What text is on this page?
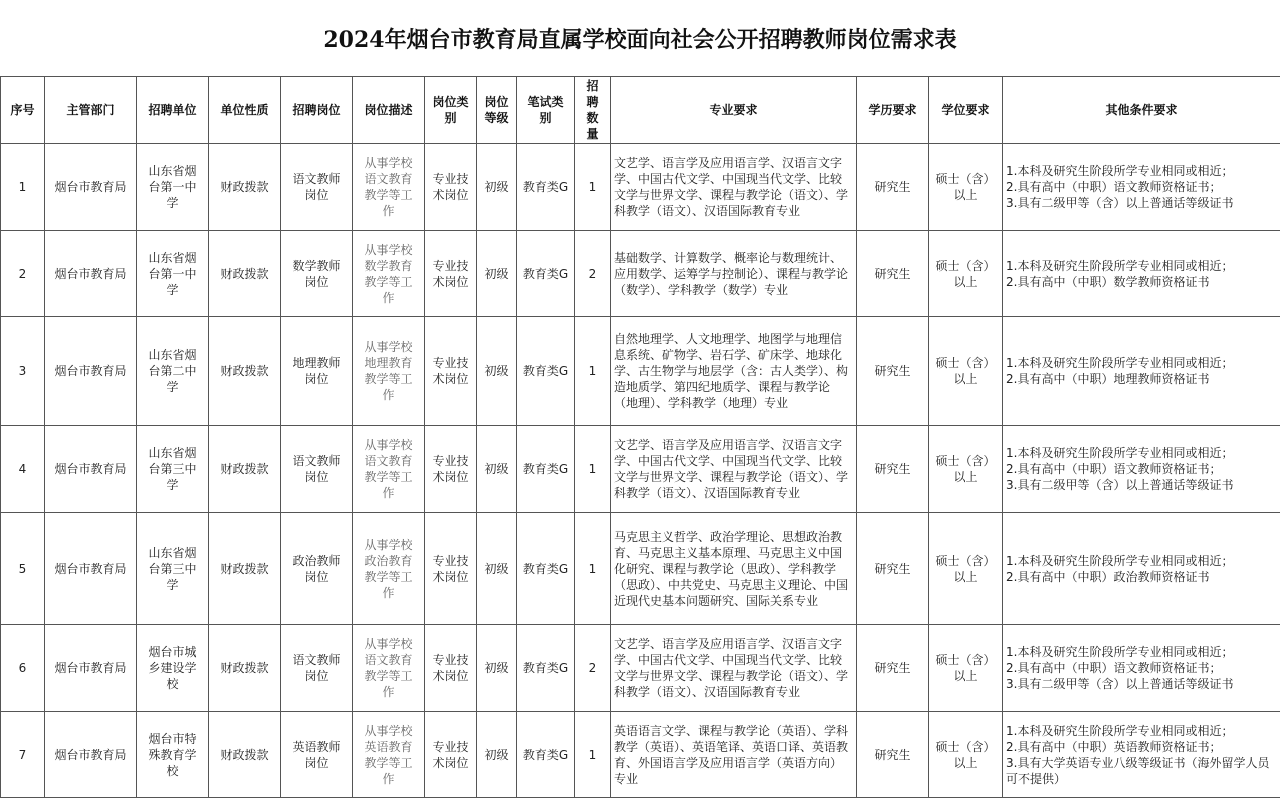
2024年烟台市教育局直属学校面向社会公开招聘教师岗位需求表
序号	主管部门	招聘单位	单位性质	招聘岗位	岗位描述	岗位类别	岗位等级	笔试类别	招聘数量	专业要求	学历要求	学位要求	其他条件要求
1	烟台市教育局	山东省烟台第一中学	财政拨款	语文教师岗位	从事学校语文教育教学等工作	专业技术岗位	初级	教育类G	1	文艺学、语言学及应用语言学、汉语言文字学、中国古代文学、中国现当代文学、比较文学与世界文学、课程与教学论（语文）、学科教学（语文）、汉语国际教育专业	研究生	硕士（含）以上	1.本科及研究生阶段所学专业相同或相近；
2.具有高中（中职）语文教师资格证书；
3.具有二级甲等（含）以上普通话等级证书

2	烟台市教育局	山东省烟台第一中学	财政拨款	数学教师岗位	从事学校数学教育教学等工作	专业技术岗位	初级	教育类G	2	基础数学、计算数学、概率论与数理统计、应用数学、运筹学与控制论）、课程与教学论（数学）、学科教学（数学）专业	研究生	硕士（含）以上	1.本科及研究生阶段所学专业相同或相近；
2.具有高中（中职）数学教师资格证书

3	烟台市教育局	山东省烟台第二中学	财政拨款	地理教师岗位	从事学校地理教育教学等工作	专业技术岗位	初级	教育类G	1	自然地理学、人文地理学、地图学与地理信息系统、矿物学、岩石学、矿床学、地球化学、古生物学与地层学（含：古人类学）、构造地质学、第四纪地质学、课程与教学论（地理）、学科教学（地理）专业	研究生	硕士（含）以上	1.本科及研究生阶段所学专业相同或相近；
2.具有高中（中职）地理教师资格证书

4	烟台市教育局	山东省烟台第三中学	财政拨款	语文教师岗位	从事学校语文教育教学等工作	专业技术岗位	初级	教育类G	1	文艺学、语言学及应用语言学、汉语言文字学、中国古代文学、中国现当代文学、比较文学与世界文学、课程与教学论（语文）、学科教学（语文）、汉语国际教育专业	研究生	硕士（含）以上	1.本科及研究生阶段所学专业相同或相近；
2.具有高中（中职）语文教师资格证书；
3.具有二级甲等（含）以上普通话等级证书

5	烟台市教育局	山东省烟台第三中学	财政拨款	政治教师岗位	从事学校政治教育教学等工作	专业技术岗位	初级	教育类G	1	马克思主义哲学、政治学理论、思想政治教育、马克思主义基本原理、马克思主义中国化研究、课程与教学论（思政）、学科教学（思政）、中共党史、马克思主义理论、中国近现代史基本问题研究、国际关系专业	研究生	硕士（含）以上	1.本科及研究生阶段所学专业相同或相近；
2.具有高中（中职）政治教师资格证书

6	烟台市教育局	烟台市城乡建设学校	财政拨款	语文教师岗位	从事学校语文教育教学等工作	专业技术岗位	初级	教育类G	2	文艺学、语言学及应用语言学、汉语言文字学、中国古代文学、中国现当代文学、比较文学与世界文学、课程与教学论（语文）、学科教学（语文）、汉语国际教育专业	研究生	硕士（含）以上	1.本科及研究生阶段所学专业相同或相近；
2.具有高中（中职）语文教师资格证书；
3.具有二级甲等（含）以上普通话等级证书

7	烟台市教育局	烟台市特殊教育学校	财政拨款	英语教师岗位	从事学校英语教育教学等工作	专业技术岗位	初级	教育类G	1	英语语言文学、课程与教学论（英语）、学科教学（英语）、英语笔译、英语口译、英语教育、外国语言学及应用语言学（英语方向）专业	研究生	硕士（含）以上	1.本科及研究生阶段所学专业相同或相近；
2.具有高中（中职）英语教师资格证书；
3.具有大学英语专业八级等级证书（海外留学人员可不提供）
